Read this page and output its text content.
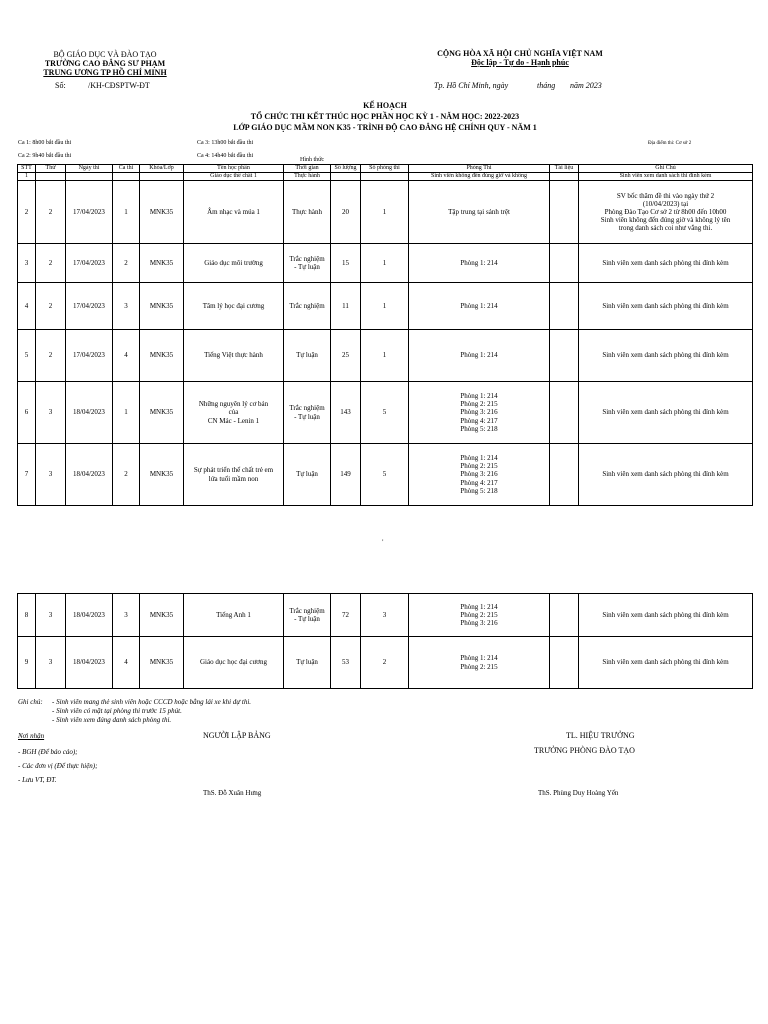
BỘ GIÁO DỤC VÀ ĐÀO TẠO
TRƯỜNG CAO ĐẲNG SƯ PHẠM
TRUNG ƯƠNG TP HỒ CHÍ MINH
Số:	/KH-CĐSPTW-ĐT
CỘNG HÒA XÃ HỘI CHỦ NGHĨA VIỆT NAM
Độc lập - Tự do - Hạnh phúc
Tp. Hồ Chí Minh, ngày	tháng năm 2023
KẾ HOẠCH
TỔ CHỨC THI KẾT THÚC HỌC PHẦN HỌC KỲ 1 - NĂM HỌC: 2022-2023
LỚP GIÁO DỤC MẦM NON K35 - TRÌNH ĐỘ CAO ĐẲNG HỆ CHÍNH QUY - NĂM 1
Ca 1: 8h00 bắt đầu thi
Ca 2: 9h40 bắt đầu thi
Ca 3: 13h00 bắt đầu thi
Ca 4: 14h40 bắt đầu thi
Địa điểm thi: Cơ sở 2
Hình thức
STT	Thứ	Ngày thi	Ca thi	Khóa/Lớp	Tên học phần	Thời gian	Số lượng	Số phòng thi	Phòng Thi	Tài liệu	Ghi Chú
1					Giáo dục thể chất 1	Thực hành			Sinh viên không đến đúng giờ và không		Sinh viên xem danh sách thi đính kèm
2	2	17/04/2023	1	MNK35	Âm nhạc và múa 1	Thực hành	20	1	Tập trung tại sảnh trệt		SV bốc thăm đề thi vào ngày thứ 2
(10/04/2023) tại
Phòng Đào Tạo Cơ sở 2 từ 8h00 đến 10h00
Sinh viên không đến đúng giờ và không lý tên
trong danh sách coi như vắng thi.
3	2	17/04/2023	2	MNK35	Giáo dục môi trường	Trắc nghiệm
- Tự luận	15	1	Phòng 1: 214		Sinh viên xem danh sách phòng thi đính kèm
4	2	17/04/2023	3	MNK35	Tâm lý học đại cương	Trắc nghiệm	11	1	Phòng 1: 214		Sinh viên xem danh sách phòng thi đính kèm
5	2	17/04/2023	4	MNK35	Tiếng Việt thực hành	Tự luận	25	1	Phòng 1: 214		Sinh viên xem danh sách phòng thi đính kèm
6	3	18/04/2023	1	MNK35	Những nguyên lý cơ bản
của
CN Mác - Lenin 1	Trắc nghiệm
- Tự luận	143	5	Phòng 1: 214
Phòng 2: 215
Phòng 3: 216
Phòng 4: 217
Phòng 5: 218		Sinh viên xem danh sách phòng thi đính kèm
7	3	18/04/2023	2	MNK35	Sự phát triển thể chất trẻ em
lứa tuổi mầm non	Tự luận	149	5	Phòng 1: 214
Phòng 2: 215
Phòng 3: 216
Phòng 4: 217
Phòng 5: 218		Sinh viên xem danh sách phòng thi đính kèm
,
8	3	18/04/2023	3	MNK35	Tiếng Anh 1	Trắc nghiệm
- Tự luận	72	3	Phòng 1: 214
Phòng 2: 215
Phòng 3: 216		Sinh viên xem danh sách phòng thi đính kèm
9	3	18/04/2023	4	MNK35	Giáo dục học đại cương	Tự luận	53	2	Phòng 1: 214
Phòng 2: 215		Sinh viên xem danh sách phòng thi đính kèm
Ghi chú: - Sinh viên mang thẻ sinh viên hoặc CCCD hoặc bằng lái xe khi dự thi.
- Sinh viên có mặt tại phòng thi trước 15 phút.
- Sinh viên xem đúng danh sách phòng thi.
Nơi nhận
- BGH (Để báo cáo);
- Các đơn vị (Để thực hiện);
- Lưu VT, ĐT.
NGƯỜI LẬP BẢNG
ThS. Đỗ Xuân Hưng
TL. HIỆU TRƯỞNG
TRƯỞNG PHÒNG ĐÀO TẠO
ThS. Phùng Duy Hoàng Yến
